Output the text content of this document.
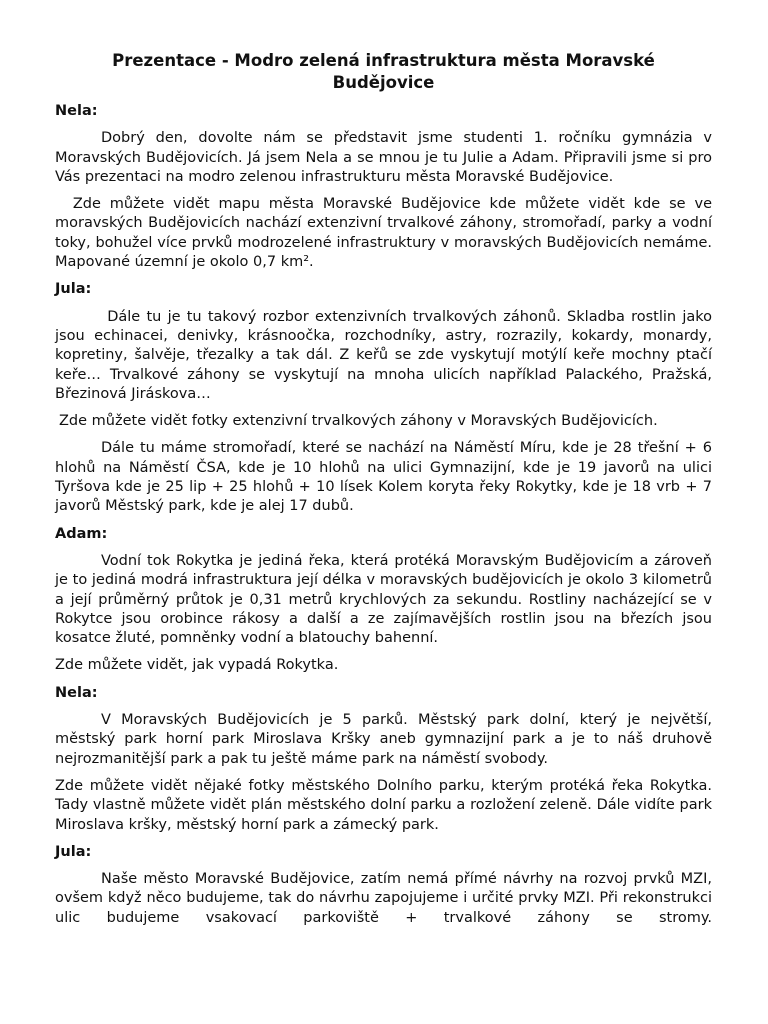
Prezentace - Modro zelená infrastruktura města Moravské Budějovice

Nela:

Dobrý den, dovolte nám se představit jsme studenti 1. ročníku gymnázia v Moravských Budějovicích. Já jsem Nela a se mnou je tu Julie a Adam. Připravili jsme si pro Vás prezentaci na modro zelenou infrastrukturu města Moravské Budějovice.

Zde můžete vidět mapu města Moravské Budějovice kde můžete vidět kde se ve moravských Budějovicích nachází extenzivní trvalkové záhony, stromořadí, parky a vodní toky, bohužel více prvků modrozelené infrastruktury v moravských Budějovicích nemáme. Mapované územní je okolo 0,7 km².

Jula:

Dále tu je tu takový rozbor extenzivních trvalkových záhonů. Skladba rostlin jako jsou echinacei, denivky, krásnoočka, rozchodníky, astry, rozrazily, kokardy, monardy, kopretiny, šalvěje, třezalky a tak dál. Z keřů se zde vyskytují motýlí keře mochny ptačí keře… Trvalkové záhony se vyskytují na mnoha ulicích například Palackého, Pražská, Březinová Jiráskova…

Zde můžete vidět fotky extenzivní trvalkových záhony v Moravských Budějovicích.

Dále tu máme stromořadí, které se nachází na Náměstí Míru, kde je 28 třešní + 6 hlohů na Náměstí ČSA, kde je 10 hlohů na ulici Gymnazijní, kde je 19 javorů na ulici Tyršova kde je 25 lip + 25 hlohů + 10 lísek Kolem koryta řeky Rokytky, kde je 18 vrb + 7 javorů Městský park, kde je alej 17 dubů.

Adam:

Vodní tok Rokytka je jediná řeka, která protéká Moravským Budějovicím a zároveň je to jediná modrá infrastruktura její délka v moravských budějovicích je okolo 3 kilometrů a její průměrný průtok je 0,31 metrů krychlových za sekundu. Rostliny nacházející se v Rokytce jsou orobince rákosy a další a ze zajímavějších rostlin jsou na březích jsou kosatce žluté, pomněnky vodní a blatouchy bahenní.

Zde můžete vidět, jak vypadá Rokytka.

Nela:

V Moravských Budějovicích je 5 parků. Městský park dolní, který je největší, městský park horní park Miroslava Kršky aneb gymnazijní park a je to náš druhově nejrozmanitější park a pak tu ještě máme park na náměstí svobody.

Zde můžete vidět nějaké fotky městského Dolního parku, kterým protéká řeka Rokytka. Tady vlastně můžete vidět plán městského dolní parku a rozložení zeleně. Dále vidíte park Miroslava kršky, městský horní park a zámecký park.

Jula:

Naše město Moravské Budějovice, zatím nemá přímé návrhy na rozvoj prvků MZI, ovšem když něco budujeme, tak do návrhu zapojujeme i určité prvky MZI. Při rekonstrukci ulic budujeme vsakovací parkoviště + trvalkové záhony se stromy.
